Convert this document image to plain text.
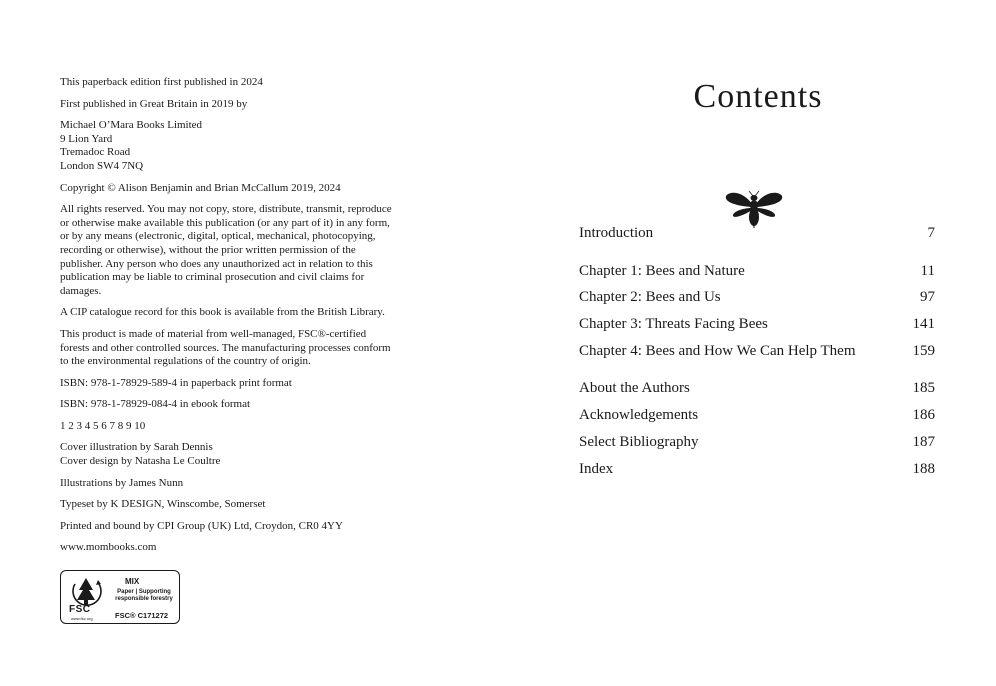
This paperback edition first published in 2024
First published in Great Britain in 2019 by
Michael O’Mara Books Limited
9 Lion Yard
Tremadoc Road
London SW4 7NQ
Copyright © Alison Benjamin and Brian McCallum 2019, 2024
All rights reserved. You may not copy, store, distribute, transmit, reproduce
or otherwise make available this publication (or any part of it) in any form,
or by any means (electronic, digital, optical, mechanical, photocopying,
recording or otherwise), without the prior written permission of the
publisher. Any person who does any unauthorized act in relation to this
publication may be liable to criminal prosecution and civil claims for
damages.
A CIP catalogue record for this book is available from the British Library.
This product is made of material from well-managed, FSC®-certified
forests and other controlled sources. The manufacturing processes conform
to the environmental regulations of the country of origin.
ISBN: 978-1-78929-589-4 in paperback print format
ISBN: 978-1-78929-084-4 in ebook format
1 2 3 4 5 6 7 8 9 10
Cover illustration by Sarah Dennis
Cover design by Natasha Le Coultre
Illustrations by James Nunn
Typeset by K DESIGN, Winscombe, Somerset
Printed and bound by CPI Group (UK) Ltd, Croydon, CR0 4YY
www.mombooks.com
FSC
www.fsc.org
MIX
Paper | Supporting
responsible forestry
FSC® C171272
Contents
Introduction	7
Chapter 1: Bees and Nature	11
Chapter 2: Bees and Us	97
Chapter 3: Threats Facing Bees	141
Chapter 4: Bees and How We Can Help Them	159
About the Authors	185
Acknowledgements	186
Select Bibliography	187
Index	188
